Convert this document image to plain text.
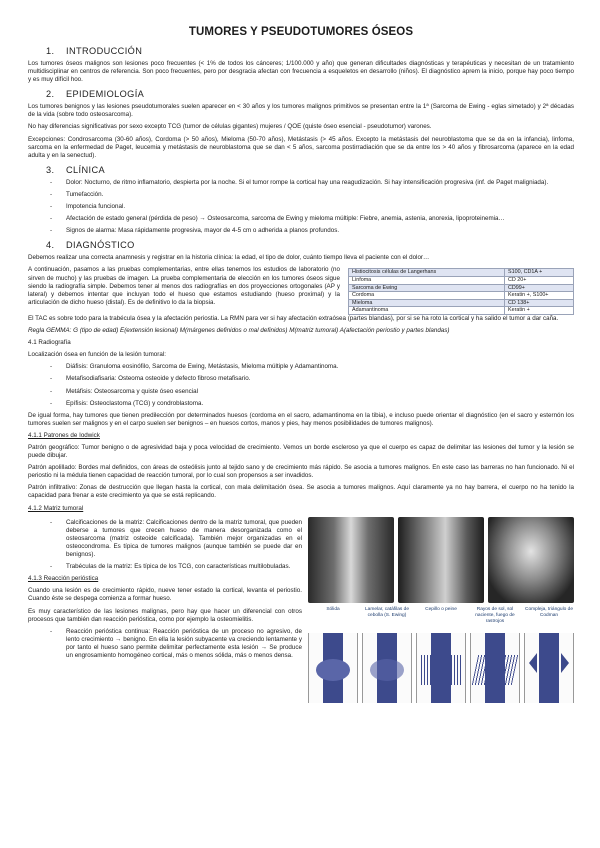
TUMORES Y PSEUDOTUMORES ÓSEOS
1. INTRODUCCIÓN

Los tumores óseos malignos son lesiones poco frecuentes (< 1% de todos los cánceres; 1/100.000 y año) que generan dificultades diagnósticas y terapéuticas y necesitan de un tratamiento multidisciplinar en centros de referencia. Son poco frecuentes, pero por desgracia afectan con frecuencia a esqueletos en desarrollo (niños). El diagnóstico aprem la inicio, porque hay poco tiempo y es muy difícil hoo.

2. EPIDEMIOLOGÍA

Los tumores benignos y las lesiones pseudotumorales suelen aparecer en < 30 años y los tumores malignos primitivos se presentan entre la 1ª (Sarcoma de Ewing - eglas simetado) y 2ª décadas de la vida (sobre todo osteosarcoma).

No hay diferencias significativas por sexo excepto TCG (tumor de células gigantes) mujeres / QOE (quiste óseo esencial - pseudotumor) varones.

Excepciones: Condrosarcoma (30-60 años), Cordoma (> 50 años), Mieloma (50-70 años), Metástasis (> 45 años. Excepto la metástasis del neuroblastoma que se da en la infancia), linfoma, sarcoma en la enfermedad de Paget, leucemia y metástasis de neuroblastoma que se dan < 5 años, sarcoma postirradiación que se da entre los > 40 años y fibrosarcoma (aparece en la edad adulta y en la senectud).

3. CLÍNICA
- Dolor: Nocturno, de ritmo inflamatorio, despierta por la noche. Si el tumor rompe la cortical hay una reagudización. Si hay intensificación progresiva (inf. de Paget maligniada).
- Tumefacción.
- Impotencia funcional.
- Afectación de estado general (pérdida de peso) → Osteosarcoma, sarcoma de Ewing y mieloma múltiple: Fiebre, anemia, astenia, anorexia, lipoproteinemia…
- Signos de alarma: Masa rápidamente progresiva, mayor de 4-5 cm o adherida a planos profundos.
4. DIAGNÓSTICO

Debemos realizar una correcta anamnesis y registrar en la historia clínica: la edad, el tipo de dolor, cuánto tiempo lleva el paciente con el dolor…

A continuación, pasamos a las pruebas complementarias, entre ellas tenemos los estudios de laboratorio (no sirven de mucho) y las pruebas de imagen. La prueba complementaria de elección en los tumores óseos sigue siendo la radiografía simple. Debemos tener al menos dos radiografías en dos proyecciones ortogonales (AP y lateral) y debemos intentar que incluyan todo el hueso que estamos estudiando (hueso proximal) y la articulación de dicho hueso (distal). Es de definitivo lo da la biopsia.

Histiocitosis células de Langerhans	S100, CD1A +
Linfoma	CD 20+
Sarcoma de Ewing	CD99+
Cordoma	Keratin +, S100+
Mieloma	CD 138+
Adamantinoma	Keratin +

El TAC es sobre todo para la trabécula ósea y la afectación periostia. La RMN para ver si hay afectación extraósea (partes blandas), por si se ha roto la cortical y ha salido el tumor a dar caña.

Regla GEMMA: G (tipo de edad) E(extensión lesional) M(márgenes definidos o mal definidos) M(matriz tumoral) A(afectación periostio y partes blandas)

4.1 Radiografía

Localización ósea en función de la lesión tumoral:

- Diáfisis: Granuloma eosinófilo, Sarcoma de Ewing, Metástasis, Mieloma múltiple y Adamantinoma.
- Metafisodiafisaria: Osteoma osteoide y defecto fibroso metafisario.
- Metáfisis: Osteosarcoma y quiste óseo esencial
- Epífisis: Osteoclastoma (TCG) y condroblastoma.

De igual forma, hay tumores que tienen predilección por determinados huesos (cordoma en el sacro, adamantinoma en la tibia), e incluso puede orientar el diagnóstico (en el sacro y esternón los tumores suelen ser malignos y en el carpo suelen ser benignos – en huesos cortos, manos y pies, hay menos posibilidades de tumores malignos).

4.1.1 Patrones de Iodwick

Patrón geográfico: Tumor benigno o de agresividad baja y poca velocidad de crecimiento. Vemos un borde escleroso ya que el cuerpo es capaz de delimitar las lesiones del tumor y la lesión se puede dibujar.

Patrón apolillado: Bordes mal definidos, con áreas de osteólisis junto al tejido sano y de crecimiento más rápido. Se asocia a tumores malignos. En este caso las barreras no han funcionado. Ni el periostio ni la médula tienen capacidad de reacción tumoral, por lo cual son propensos a ser invadidos.

Patrón infiltrativo: Zonas de destrucción que llegan hasta la cortical, con mala delimitación ósea. Se asocia a tumores malignos. Aquí claramente ya no hay barrera, el cuerpo no ha tenido la capacidad para frenar a este crecimiento ya que se está replicando.

4.1.2 Matriz tumoral

- Calcificaciones de la matriz: Calcificaciones dentro de la matriz tumoral, que pueden deberse a tumores que crecen hueso de manera desorganizada como el osteosarcoma (matriz osteoide calcificada). También mejor organizadas en el osteocondroma. Es típica de tumores malignos (aunque también se puede dar en benignos).
- Trabéculas de la matriz: Es típica de los TCG, con características multilobuladas.

4.1.3 Reacción perióstica

Cuando una lesión es de crecimiento rápido, nueve tener estado la cortical, levanta el periostio. Cuando éste se despega comienza a formar hueso.

Es muy característico de las lesiones malignas, pero hay que hacer un diferencial con otros procesos que también dan reacción perióstica, como por ejemplo la osteomielitis.

- Reacción perióstica continua: Reacción perióstica de un proceso no agresivo, de lento crecimiento → benigno. En ella la lesión subyacente va creciendo lentamente y por tanto el hueso sano permite delimitar perfectamente esta lesión → Se produce un engrosamiento homogéneo cortical, más o menos sólida, más o menos densa.
Sólida	Lamelar, catáfilas de cebolla (S. Ewing)
Cepillo o peine	Rayos de sol, sol naciente, fuego de rastrojos
Compleja, triángulo de Codman
